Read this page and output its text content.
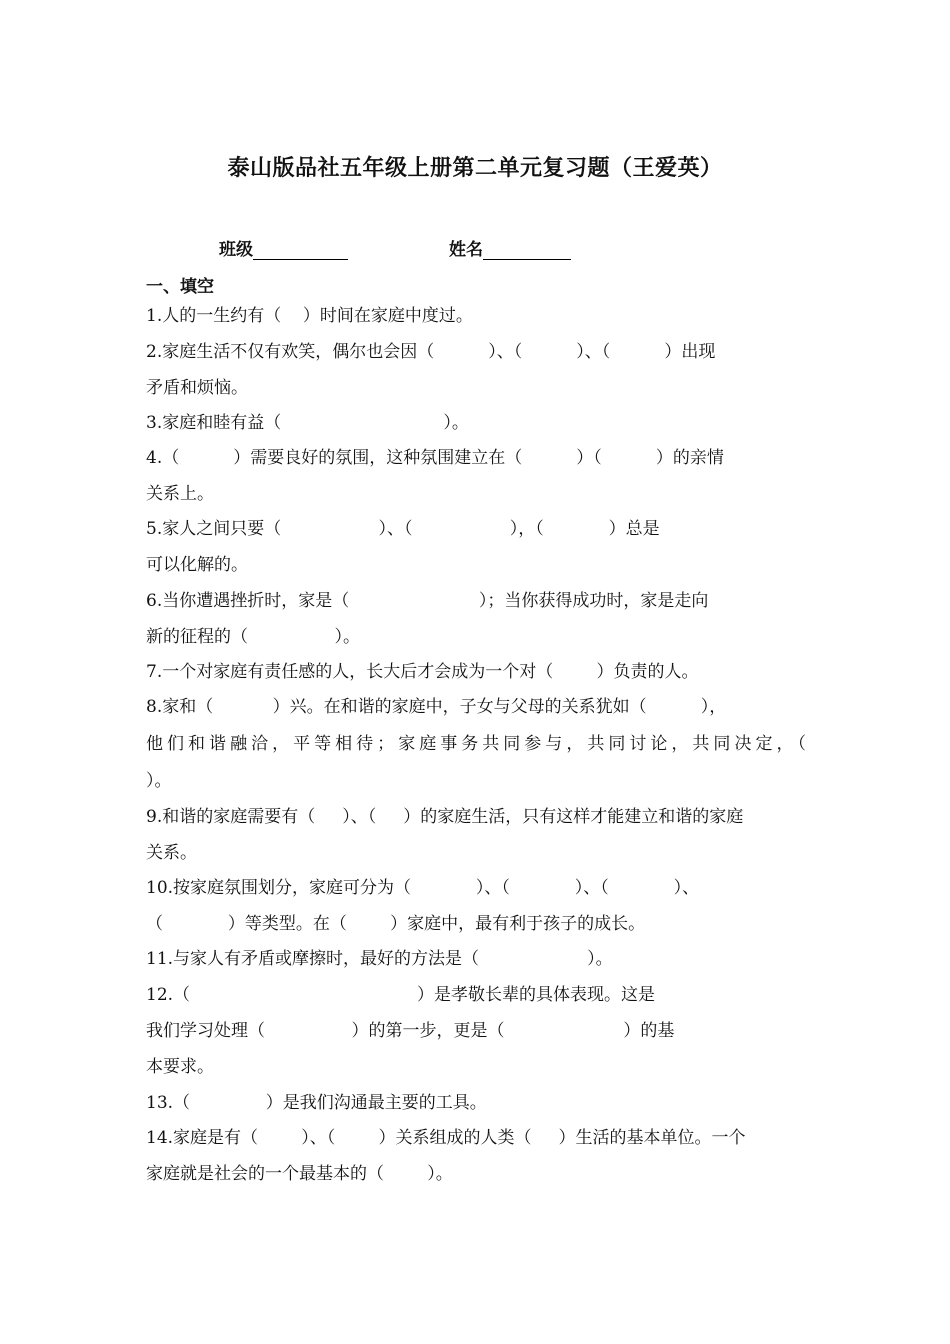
泰山版品社五年级上册第二单元复习题（王爱英）
班级	姓名
一、填空
1.人的一生约有（    ）时间在家庭中度过。
2.家庭生活不仅有欢笑，偶尔也会因（          ）、（          ）、（          ）出现
矛盾和烦恼。
3.家庭和睦有益（                              ）。
4.（          ）需要良好的氛围，这种氛围建立在（          ）（          ）的亲情
关系上。
5.家人之间只要（                  ）、（                  ），（            ）总是
可以化解的。
6.当你遭遇挫折时，家是（                        ）；当你获得成功时，家是走向
新的征程的（                ）。
7.一个对家庭有责任感的人，长大后才会成为一个对（        ）负责的人。
8.家和（           ）兴。在和谐的家庭中，子女与父母的关系犹如（          ），
他们和谐融洽，平等相待；家庭事务共同参与，共同讨论，共同决定，（
）。
9.和谐的家庭需要有（     ）、（     ）的家庭生活，只有这样才能建立和谐的家庭
关系。
10.按家庭氛围划分，家庭可分为（            ）、（            ）、（            ）、
（            ）等类型。在（        ）家庭中，最有利于孩子的成长。
11.与家人有矛盾或摩擦时，最好的方法是（                    ）。
12.（                                          ）是孝敬长辈的具体表现。这是
我们学习处理（                ）的第一步，更是（                      ）的基
本要求。
13.（              ）是我们沟通最主要的工具。
14.家庭是有（        ）、（        ）关系组成的人类（     ）生活的基本单位。一个
家庭就是社会的一个最基本的（        ）。
